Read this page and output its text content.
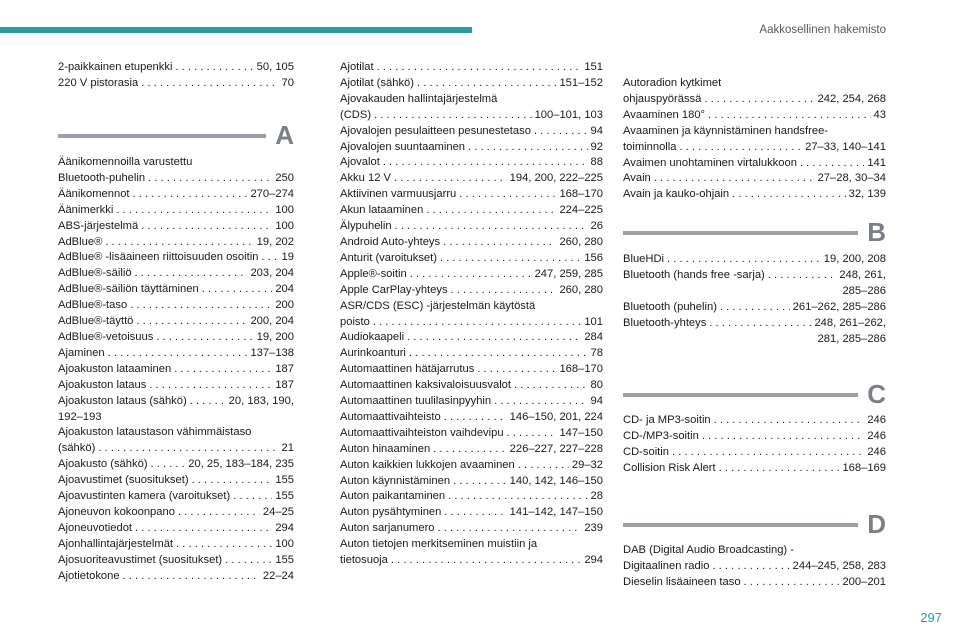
Aakkosellinen hakemisto
2-paikkainen etupenkki . . .	50, 105
220 V pistorasia . . .	70
A
Äänikomennoilla varustettu
Bluetooth-puhelin . . .	250
Äänikomennot . . .	270–274
Äänimerkki . . .	100
ABS-järjestelmä . . .	100
AdBlue® . . .	19, 202
AdBlue® -lisäaineen riittoisuuden osoitin . . . 19
AdBlue®-säiliö . . .	203, 204
AdBlue®-säiliön täyttäminen . . .	204
AdBlue®-taso . . .	200
AdBlue®-täyttö . . .	200, 204
AdBlue®-vetoisuus . . .	19, 200
Ajaminen . . .	137–138
Ajoakuston lataaminen . . .	187
Ajoakuston lataus . . .	187
Ajoakuston lataus (sähkö) . . .	20, 183, 190,
192–193
Ajoakuston lataustason vähimmäistaso
(sähkö) . . .	21
Ajoakusto (sähkö) . . .	20, 25, 183–184, 235
Ajoavustimet (suositukset) . . .	155
Ajoavustinten kamera (varoitukset) . . .	155
Ajoneuvon kokoonpano . . .	24–25
Ajoneuvotiedot . . .	294
Ajonhallintajärjestelmät . . .	100
Ajosuoriteavustimet (suositukset) . . .	155
Ajotietokone . . .	22–24
Ajotilat . . .	151
Ajotilat (sähkö) . . .	151–152
Ajovakauden hallintajärjestelmä
(CDS) . . .	100–101, 103
Ajovalojen pesulaitteen pesunestetaso . . .	94
Ajovalojen suuntaaminen . . .	92
Ajovalot . . .	88
Akku 12 V . . .	194, 200, 222–225
Aktiivinen varmuusjarru . . .	168–170
Akun lataaminen . . .	224–225
Älypuhelin . . .	26
Android Auto-yhteys . . .	260, 280
Anturit (varoitukset) . . .	156
Apple®-soitin . . .	247, 259, 285
Apple CarPlay-yhteys . . .	260, 280
ASR/CDS (ESC) -järjestelmän käytöstä
poisto . . .	101
Audiokaapeli . . .	284
Aurinkoanturi . . .	78
Automaattinen hätäjarrutus . . .	168–170
Automaattinen kaksivaloisuusvalot . . .	80
Automaattinen tuulilasinpyyhin . . .	94
Automaattivaihteisto . . .	146–150, 201, 224
Automaattivaihteiston vaihdevipu . . .	147–150
Auton hinaaminen . . .	226–227, 227–228
Auton kaikkien lukkojen avaaminen . . .	29–32
Auton käynnistäminen . . .	140, 142, 146–150
Auton paikantaminen . . .	28
Auton pysähtyminen . . .	141–142, 147–150
Auton sarjanumero . . .	239
Auton tietojen merkitseminen muistiin ja
tietosuoja . . .	294
Autoradion kytkimet
ohjauspyörässä . . .	242, 254, 268
Avaaminen 180° . . .	43
Avaaminen ja käynnistäminen handsfree-
toiminnolla . . .	27–33, 140–141
Avaimen unohtaminen virtalukkoon . . .	141
Avain . . .	27–28, 30–34
Avain ja kauko-ohjain . . .	32, 139
B
BlueHDi . . .	19, 200, 208
Bluetooth (hands free -sarja) . . .	248, 261,
285–286
Bluetooth (puhelin) . . .	261–262, 285–286
Bluetooth-yhteys . . .	248, 261–262,
281, 285–286
C
CD- ja MP3-soitin . . .	246
CD-/MP3-soitin . . .	246
CD-soitin . . .	246
Collision Risk Alert . . .	168–169
D
DAB (Digital Audio Broadcasting) -
Digitaalinen radio . . .	244–245, 258, 283
Dieselin lisäaineen taso . . .	200–201
297
